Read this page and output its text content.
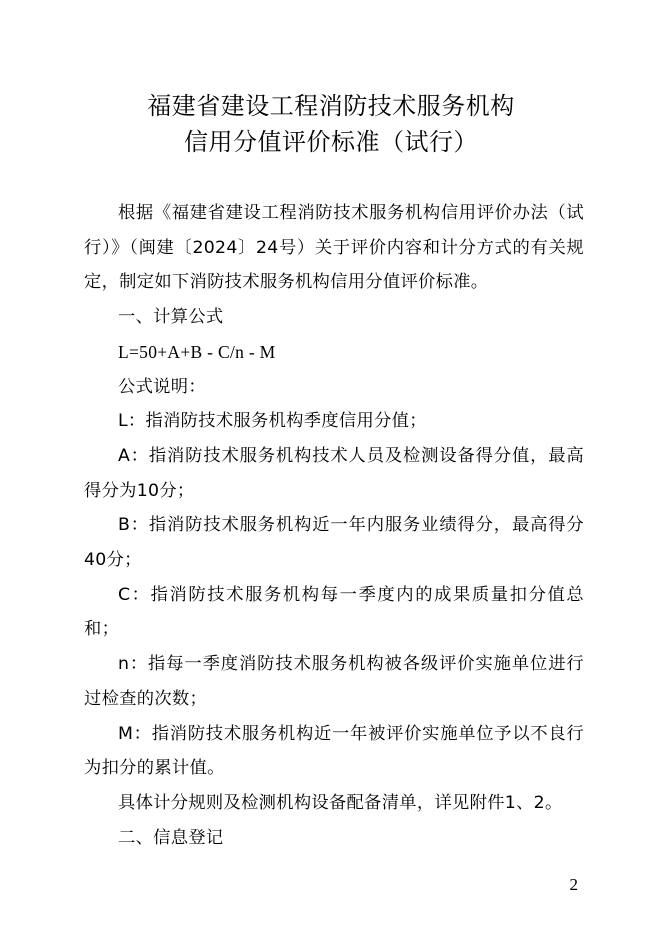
福建省建设工程消防技术服务机构
信用分值评价标准（试行）

根据《福建省建设工程消防技术服务机构信用评价办法（试行）》（闽建〔2024〕24号）关于评价内容和计分方式的有关规定，制定如下消防技术服务机构信用分值评价标准。

一、计算公式

L=50+A+B - C/n - M

公式说明：

L：指消防技术服务机构季度信用分值；

A：指消防技术服务机构技术人员及检测设备得分值，最高得分为10分；

B：指消防技术服务机构近一年内服务业绩得分，最高得分40分；

C：指消防技术服务机构每一季度内的成果质量扣分值总和；

n：指每一季度消防技术服务机构被各级评价实施单位进行过检查的次数；

M：指消防技术服务机构近一年被评价实施单位予以不良行为扣分的累计值。

具体计分规则及检测机构设备配备清单，详见附件1、2。

二、信息登记

2
